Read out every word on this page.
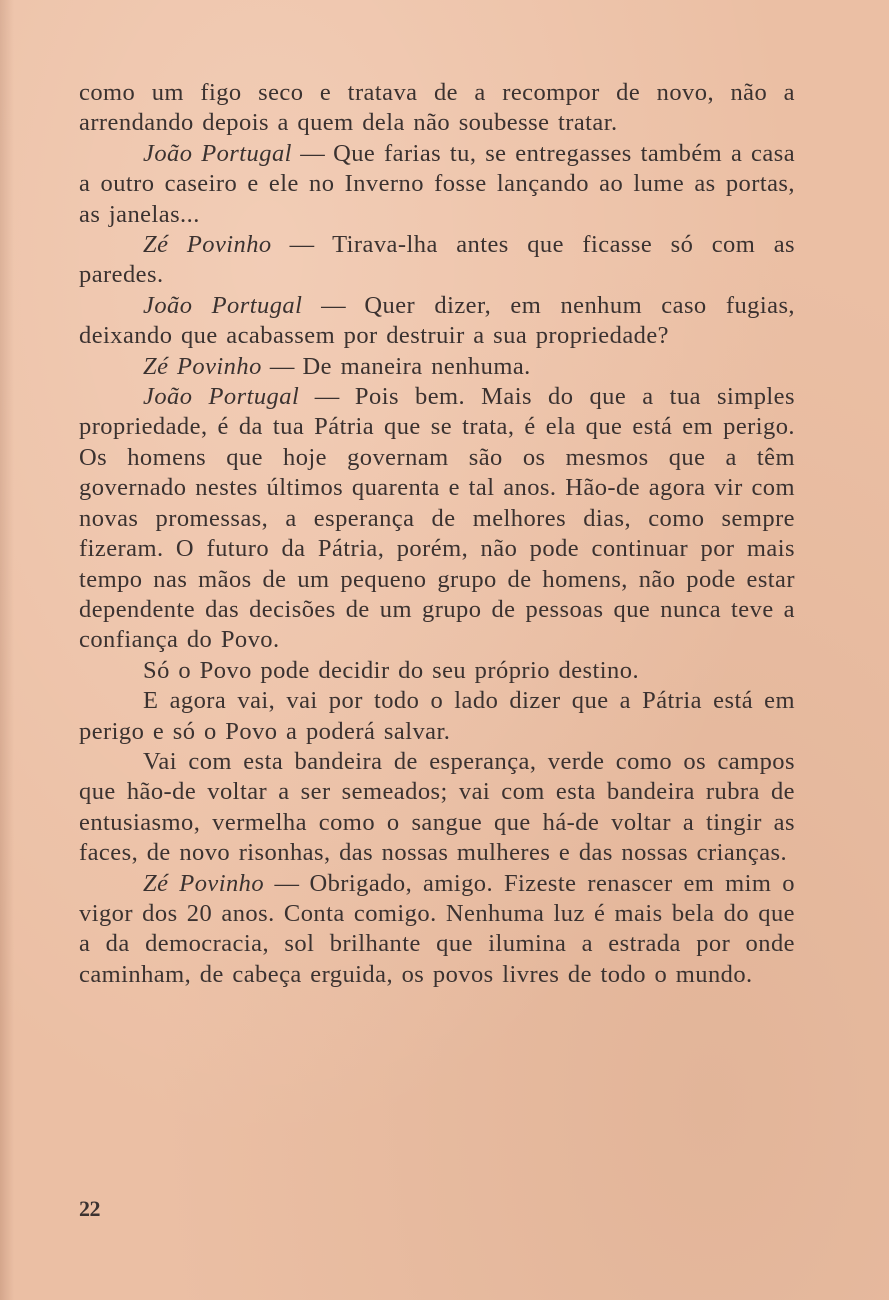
como um figo seco e tratava de a recompor de novo, não a arrendando depois a quem dela não soubesse tratar.

João Portugal — Que farias tu, se entregasses também a casa a outro caseiro e ele no Inverno fosse lançando ao lume as portas, as janelas...

Zé Povinho — Tirava-lha antes que ficasse só com as paredes.

João Portugal — Quer dizer, em nenhum caso fugias, deixando que acabassem por destruir a sua propriedade?

Zé Povinho — De maneira nenhuma.

João Portugal — Pois bem. Mais do que a tua simples propriedade, é da tua Pátria que se trata, é ela que está em perigo. Os homens que hoje governam são os mesmos que a têm governado nestes últimos quarenta e tal anos. Hão-de agora vir com novas promessas, a esperança de melhores dias, como sempre fizeram. O futuro da Pátria, porém, não pode continuar por mais tempo nas mãos de um pequeno grupo de homens, não pode estar dependente das decisões de um grupo de pessoas que nunca teve a confiança do Povo.

Só o Povo pode decidir do seu próprio destino.

E agora vai, vai por todo o lado dizer que a Pátria está em perigo e só o Povo a poderá salvar.

Vai com esta bandeira de esperança, verde como os campos que hão-de voltar a ser semeados; vai com esta bandeira rubra de entusiasmo, vermelha como o sangue que há-de voltar a tingir as faces, de novo risonhas, das nossas mulheres e das nossas crianças.

Zé Povinho — Obrigado, amigo. Fizeste renascer em mim o vigor dos 20 anos. Conta comigo. Nenhuma luz é mais bela do que a da democracia, sol brilhante que ilumina a estrada por onde caminham, de cabeça erguida, os povos livres de todo o mundo.

22
